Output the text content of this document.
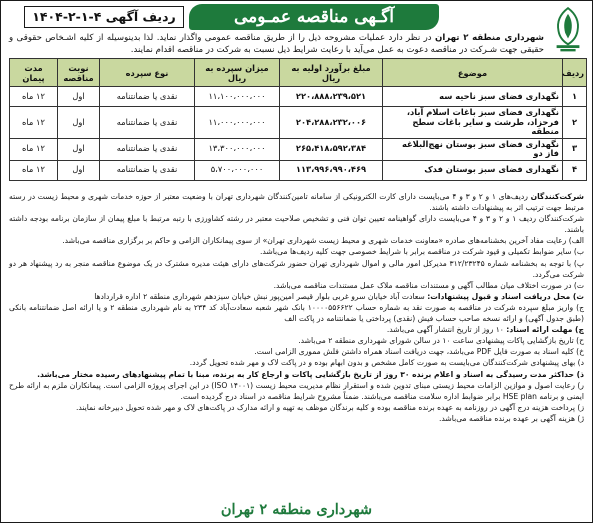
ردیف آگهی ۴-۱-۲-۱۴۰۴	آگـهی مناقصه عمـومی
شهرداری منطقه ۲ تهران در نظر دارد عملیات مشروحه ذیل را از طریق مناقصه عمومی واگذار نماید. لذا بدینوسیله از کلیه اشـخاص حقوقی و حقیقی جهت شـرکت در مناقصه دعوت به عمل می‌آید با رعایت شرایط ذیل نسبت به شرکت در مناقصه اقدام نمایند.
ردیف	موضوع	مبلغ برآورد اولیه به ریال	میزان سپرده به ریال	نوع سپرده	نوبت مناقصه	مدت پیمان
۱	نگهداری فضای سبز ناحیه سه	۲۲۰،۸۸۸،۲۳۹،۵۲۱	۱۱،۱۰۰،۰۰۰،۰۰۰	نقدی یا ضمانتنامه	اول	۱۲ ماه
۲	نگهداری فضای سبز باغات اسلام آباد، فرحزاد، طرشت و سایر باغات سطح منطقه	۲۰۴،۲۸۸،۲۳۲،۰۰۶	۱۱،۰۰۰،۰۰۰،۰۰۰	نقدی یا ضمانتنامه	اول	۱۲ ماه
۳	نگهداری فضای سبز بوستان نهج‌البلاغه فاز دو	۲۶۵،۴۱۸،۵۹۲،۳۸۴	۱۳،۳۰۰،۰۰۰،۰۰۰	نقدی یا ضمانتنامه	اول	۱۲ ماه
۴	نگهداری فضای سبز بوستان فدک	۱۱۳،۹۹۶،۹۹۰،۴۶۹	۵،۷۰۰،۰۰۰،۰۰۰	نقدی یا ضمانتنامه	اول	۱۲ ماه

شرکت‌کنندگان ردیف‌های ۱ و ۲ و ۳ و ۴ می‌بایست دارای کارت الکترونیکی از سامانه تامین‌کنندگان شهرداری تهران با وضعیت معتبر از حوزه خدمات شهری و محیط زیست در رسته مرتبط جهت ترتیب اثر به پیشنهادات داشته باشند.

شرکت‌کنندگان ردیف ۱ و ۲ و ۳ و ۴ می‌بایست دارای گواهینامه تعیین توان فنی و تشخیص صلاحیت معتبر در رشته کشاورزی با رتبه مرتبط با مبلغ پیمان از سازمان برنامه بودجه داشته باشند.

الف) رعایت مفاد آخرین بخشنامه‌های صادره «معاونت خدمات شهری و محیط زیست شهرداری تهران» از سوی پیمانکاران الزامی و حاکم بر برگزاری مناقصه می‌باشد.

ب) سایر ضوابط تکمیلی و قیود شرکت در مناقصه برابر با شرایط خصوصی جهت کلیه ردیف‌ها می‌باشد.

پ) با توجه به بخشنامه شماره ۳۱۲/۲۳۲۴۵ مدیرکل امور مالی و اموال شهرداری تهران حضور شرکت‌های دارای هیئت مدیره مشترک در یک موضوع مناقصه منجر به رد پیشنهاد هر دو شرکت می‌گردد.

ت) در صورت اختلاف میان مطالب آگهی و مستندات مناقصه ملاک عمل مستندات مناقصه می‌باشد.

ث) محل دریافت اسناد و قبول پیشنهادات: سعادت آباد خیابان سرو غربی بلوار قیصر امین‌پور نبش خیابان سیزدهم شهرداری منطقه ۲ اداره قراردادها

ج) واریز مبلغ سپرده شرکت در مناقصه به صورت نقد به شماره حساب ۱۰۰۰۰۵۵۶۶۲۲ بانک شهر شعبه سعادت‌آباد کد ۲۳۴ به نام شهرداری منطقه ۲ و یا ارائه اصل ضمانتنامه بانکی (طبق جدول آگهی) و ارائه نسخه صاحب حساب فیش (نقدی) پرداختی یا ضمانتنامه در پاکت الف

چ) مهلت ارائه اسناد: ۱۰ روز از تاریخ انتشار آگهی می‌باشد.

ح) تاریخ بازگشایی پاکات پیشنهادی ساعت ۱۰ در سالن شورای شهرداری منطقه ۲ می‌باشد.

خ) کلیه اسناد به صورت فایل PDF می‌باشد، جهت دریافت اسناد همراه داشتن فلش مموری الزامی است.

د) بهای پیشنهادی شرکت‌کنندگان می‌بایست به صورت کامل مشخص و بدون ابهام بوده و در پاکت لاک و مهر شده تحویل گردد.

ذ) حداکثر مدت رسیدگی به اسناد و اعلام برنده ۳۰ روز از تاریخ بازگشایی پاکات و ارجاع کار به برنده، مبنا با تمام پیشنهادهای رسیده مختار می‌باشد.

ر) رعایت اصول و موازین الزامات محیط زیستی مبنای تدوین شده و استقرار نظام مدیریت محیط زیست (ISO ۱۴۰۰۱) در این اجرای پروژه الزامی است. پیمانکاران ملزم به ارائه طرح ایمنی و برنامه HSE plan برابر ضوابط اداره سلامت مناقصه می‌باشند. ضمناً مشروح شرایط مناقصه در اسناد درج گردیده است.

ز) پرداخت هزینه درج آگهی در روزنامه به عهده برنده مناقصه بوده و کلیه برندگان موظف به تهیه و ارائه مدارک در پاکت‌های لاک و مهر شده تحویل دبیرخانه نمایند.

ژ) هزینه آگهی بر عهده برنده مناقصه می‌باشد.

شهرداری منطقه ۲ تهران
